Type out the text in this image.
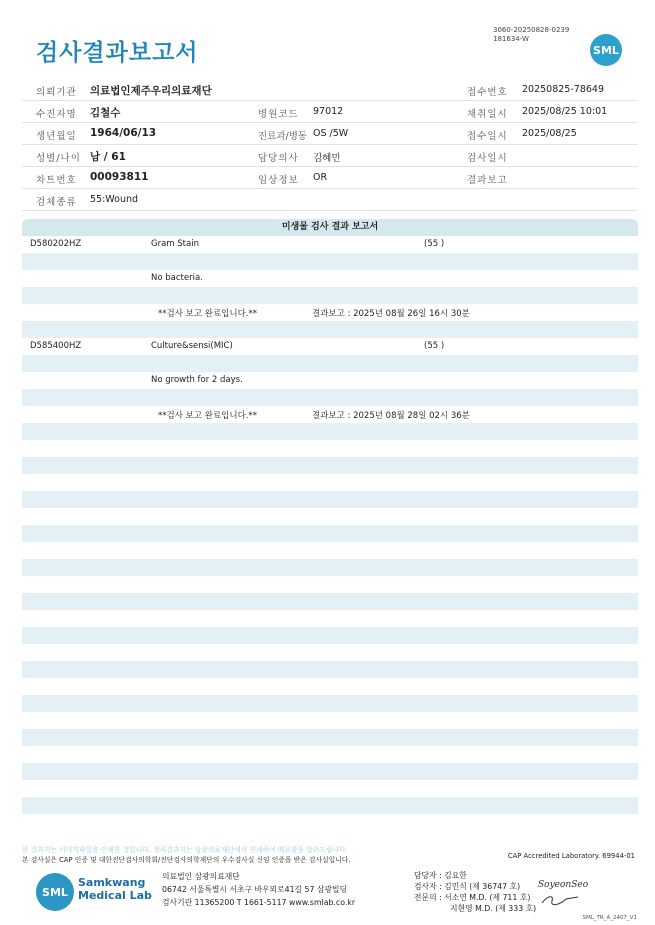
검사결과보고서
3060-20250828-0239
181634-W
SML
의뢰기관 의료법인제주우리의료재단	접수번호 20250825-78649
수진자명 김철수	병원코드 97012	채취일시 2025/08/25 10:01
생년월일 1964/06/13	진료과/병동 OS /5W	접수일시 2025/08/25
성별/나이 남 / 61	담당의사 김혜민	검사일시
차트번호 00093811	임상정보 OR	결과보고
검체종류 55:Wound
미생물 검사 결과 보고서
D580202HZ	Gram Stain	(55 )
No bacteria.
**검사 보고 완료입니다.**	결과보고 : 2025년 08월 26일 16시 30분
D585400HZ	Culture&sensi(MIC)	(55 )
No growth for 2 days.
**검사 보고 완료입니다.**	결과보고 : 2025년 08월 28일 02시 36분
본 결과지는 이미지파일을 인쇄한 것입니다. 정식결과지는 삼광의료재단에서 인쇄하여 배포함을 알려드립니다.
본 검사실은 CAP 인증 및 대한진단검사의학회/진단검사의학재단의 우수검사실 신임 인증을 받은 검사실입니다.	CAP Accredited Laboratory. 69944-01
SML
Samkwang
Medical Lab
의료법인 삼광의료재단
06742 서울특별시 서초구 바우뫼로41길 57 삼광빌딩
검사기관 11365200 T 1661-5117 www.smlab.co.kr
담당자 : 김요한
검사자 : 김민식 (제 36747 호)
전문의 : 서소연 M.D. (제 711 호)
지현영 M.D. (제 333 호)
SoyeonSeo
SML_TR_A_2407_V1
